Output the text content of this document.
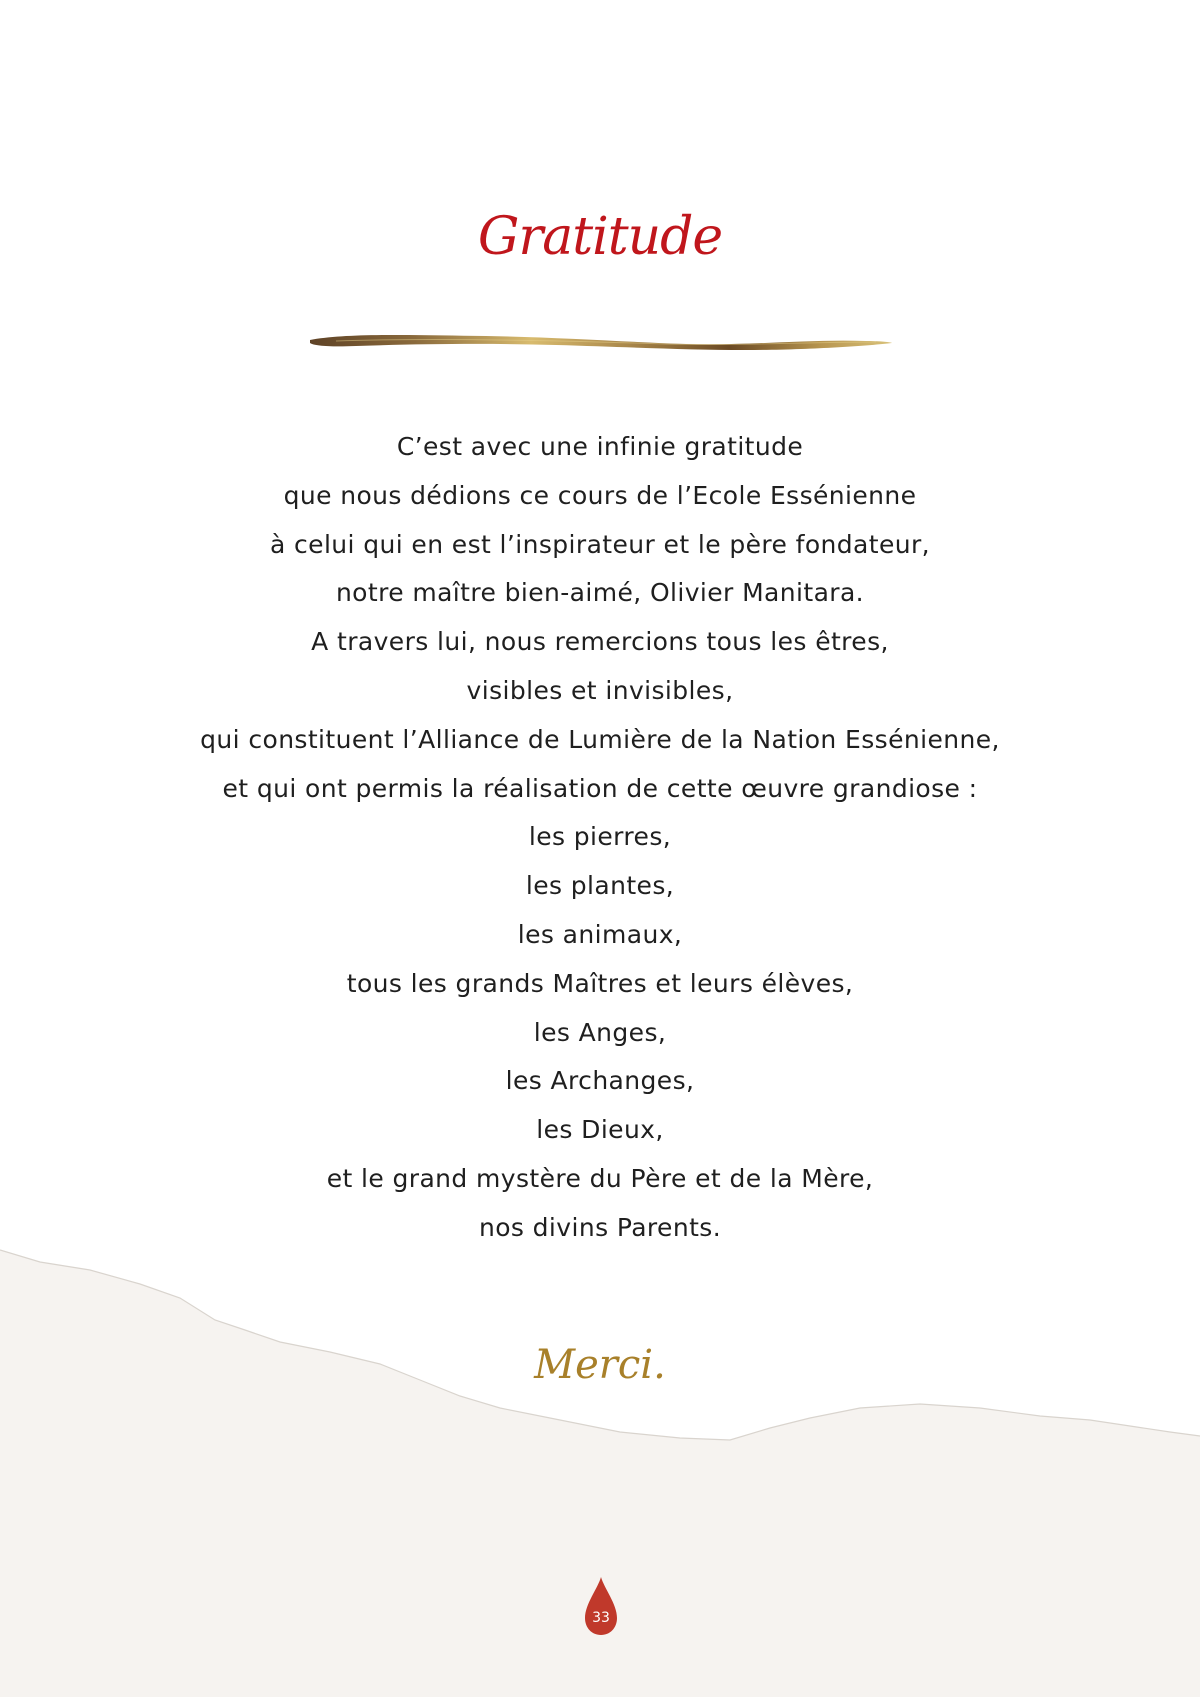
Gratitude
C’est avec une infinie gratitude
que nous dédions ce cours de l’Ecole Essénienne
à celui qui en est l’inspirateur et le père fondateur,
notre maître bien-aimé, Olivier Manitara.
A travers lui, nous remercions tous les êtres,
visibles et invisibles,
qui constituent l’Alliance de Lumière de la Nation Essénienne,
et qui ont permis la réalisation de cette œuvre grandiose :
les pierres,
les plantes,
les animaux,
tous les grands Maîtres et leurs élèves,
les Anges,
les Archanges,
les Dieux,
et le grand mystère du Père et de la Mère,
nos divins Parents.
Merci.
33
